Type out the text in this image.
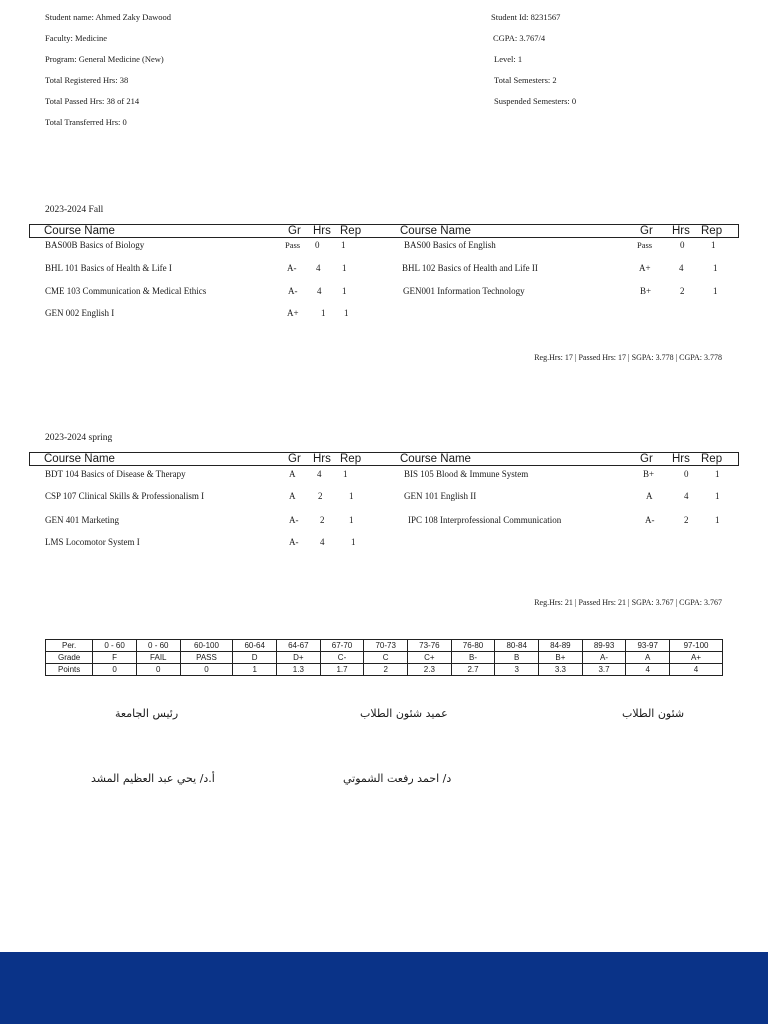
Student name: Ahmed Zaky Dawood
Faculty: Medicine
Program: General Medicine (New)
Total Registered Hrs: 38
Total Passed Hrs: 38 of 214
Total Transferred Hrs: 0
Student Id: 8231567
CGPA: 3.767/4
Level: 1
Total Semesters: 2
Suspended Semesters: 0
2023-2024 Fall
Course Name	Gr Hrs Rep	Course Name	Gr Hrs Rep
BAS00B Basics of Biology	Pass 0 1
BHL 101 Basics of Health & Life I	A- 4 1
CME 103 Communication & Medical Ethics	A- 4 1
GEN 002 English I	A+ 1 1
BAS00 Basics of English	Pass	0	1
BHL 102 Basics of Health and Life II	A+	4	1
GEN001 Information Technology	B+	2	1
Reg.Hrs: 17 | Passed Hrs: 17 | SGPA: 3.778 | CGPA: 3.778
2023-2024 spring
Course Name	Gr Hrs Rep	Course Name	Gr Hrs Rep
BDT 104 Basics of Disease & Therapy	A 4 1
CSP 107 Clinical Skills & Professionalism I	A	2	1
GEN 401 Marketing	A- 2	1
LMS Locomotor System I	A- 4	1
BIS 105 Blood & Immune System	B+	0	1
GEN 101 English II	A	4	1
IPC 108 Interprofessional Communication	A-	2	1
Reg.Hrs: 21 | Passed Hrs: 21 | SGPA: 3.767 | CGPA: 3.767
Per.	0 - 60	0 - 60	60-100	60-64	64-67	67-70	70-73	73-76	76-80	80-84	84-89	89-93	93-97	97-100
Grade	F	FAIL	PASS	D	D+	C-	C	C+	B-	B	B+	A-	A	A+
Points	0	0	0	1	1.3	1.7	2	2.3	2.7	3	3.3	3.7	4	4
رئيس الجامعة	عميد شئون الطلاب	شئون الطلاب
أ.د/ يحي عبد العظيم المشد	د/ احمد رفعت الشموتي
